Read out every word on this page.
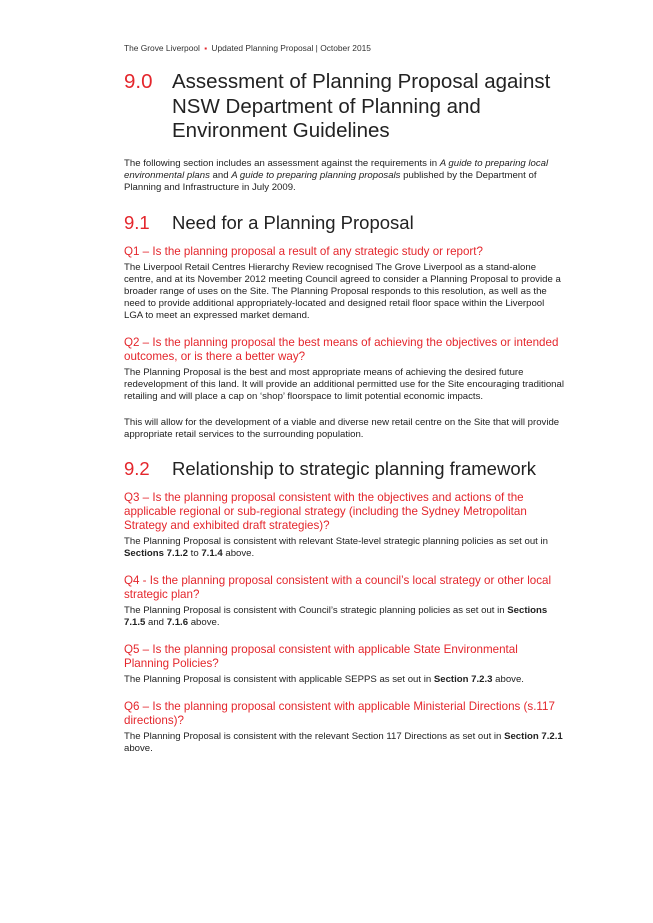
The Grove Liverpool ▪ Updated Planning Proposal | October 2015
9.0 Assessment of Planning Proposal against NSW Department of Planning and Environment Guidelines

The following section includes an assessment against the requirements in A guide to preparing local environmental plans and A guide to preparing planning proposals published by the Department of Planning and Infrastructure in July 2009.

9.1	Need for a Planning Proposal
Q1 – Is the planning proposal a result of any strategic study or report?

The Liverpool Retail Centres Hierarchy Review recognised The Grove Liverpool as a stand-alone centre, and at its November 2012 meeting Council agreed to consider a Planning Proposal to provide a broader range of uses on the Site. The Planning Proposal responds to this resolution, as well as the need to provide additional appropriately-located and designed retail floor space within the Liverpool LGA to meet an expressed market demand.

Q2 – Is the planning proposal the best means of achieving the objectives or intended outcomes, or is there a better way?

The Planning Proposal is the best and most appropriate means of achieving the desired future redevelopment of this land. It will provide an additional permitted use for the Site encouraging traditional retailing and will place a cap on ‘shop’ floorspace to limit potential economic impacts.

This will allow for the development of a viable and diverse new retail centre on the Site that will provide appropriate retail services to the surrounding population.

9.2	Relationship to strategic planning framework
Q3 – Is the planning proposal consistent with the objectives and actions of the applicable regional or sub-regional strategy (including the Sydney Metropolitan Strategy and exhibited draft strategies)?

The Planning Proposal is consistent with relevant State-level strategic planning policies as set out in Sections 7.1.2 to 7.1.4 above.

Q4 - Is the planning proposal consistent with a council’s local strategy or other local strategic plan?

The Planning Proposal is consistent with Council’s strategic planning policies as set out in Sections 7.1.5 and 7.1.6 above.

Q5 – Is the planning proposal consistent with applicable State Environmental Planning Policies?

The Planning Proposal is consistent with applicable SEPPS as set out in Section 7.2.3 above.

Q6 – Is the planning proposal consistent with applicable Ministerial Directions (s.117 directions)?

The Planning Proposal is consistent with the relevant Section 117 Directions as set out in Section 7.2.1 above.
